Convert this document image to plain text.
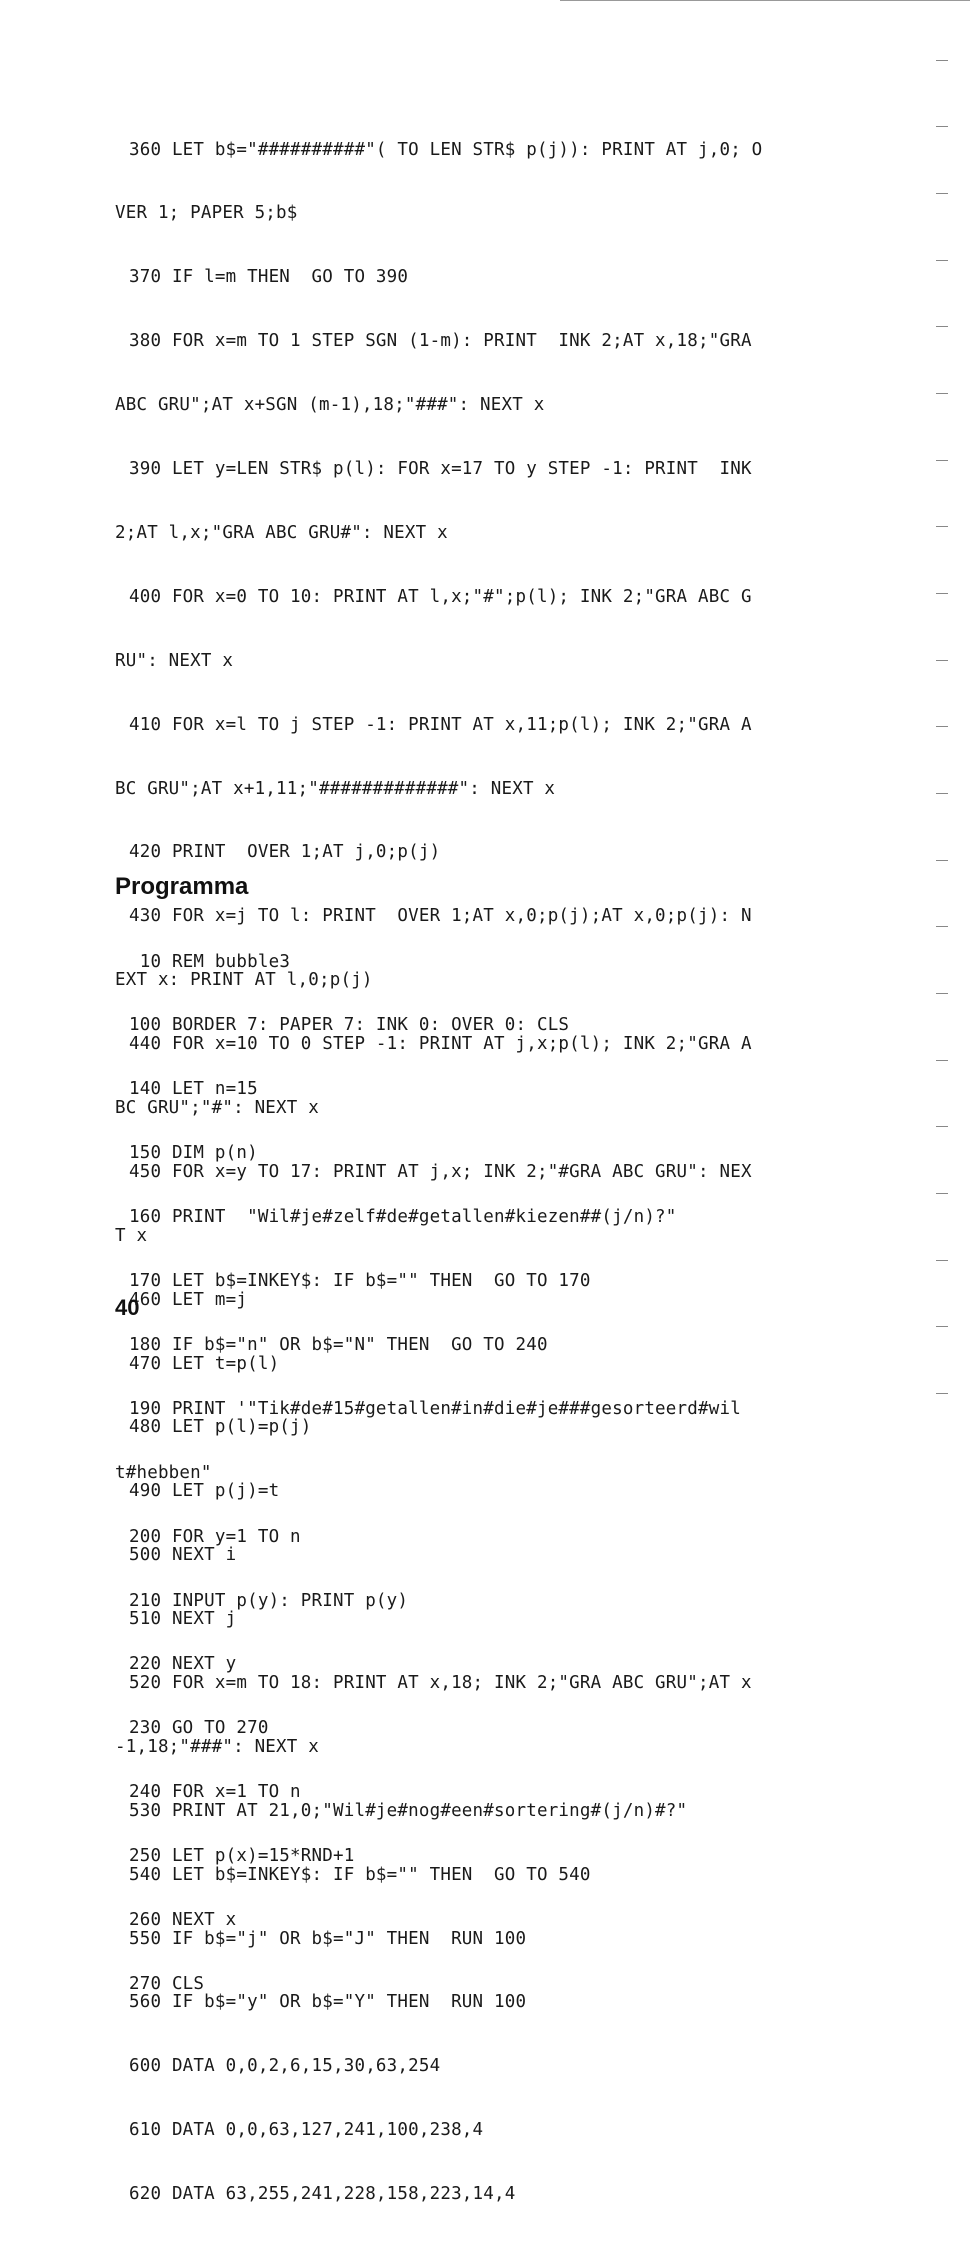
360 LET b$="##########"( TO LEN STR$ p(j)): PRINT AT j,0; O

VER 1; PAPER 5;b$

370 IF l=m THEN  GO TO 390

380 FOR x=m TO 1 STEP SGN (1-m): PRINT  INK 2;AT x,18;"GRA

ABC GRU";AT x+SGN (m-1),18;"###": NEXT x

390 LET y=LEN STR$ p(l): FOR x=17 TO y STEP -1: PRINT  INK

2;AT l,x;"GRA ABC GRU#": NEXT x

400 FOR x=0 TO 10: PRINT AT l,x;"#";p(l); INK 2;"GRA ABC G

RU": NEXT x

410 FOR x=l TO j STEP -1: PRINT AT x,11;p(l); INK 2;"GRA A

BC GRU";AT x+1,11;"#############": NEXT x

420 PRINT  OVER 1;AT j,0;p(j)

430 FOR x=j TO l: PRINT  OVER 1;AT x,0;p(j);AT x,0;p(j): N

EXT x: PRINT AT l,0;p(j)

440 FOR x=10 TO 0 STEP -1: PRINT AT j,x;p(l); INK 2;"GRA A

BC GRU";"#": NEXT x

450 FOR x=y TO 17: PRINT AT j,x; INK 2;"#GRA ABC GRU": NEX

T x

460 LET m=j

470 LET t=p(l)

480 LET p(l)=p(j)

490 LET p(j)=t

500 NEXT i

510 NEXT j

520 FOR x=m TO 18: PRINT AT x,18; INK 2;"GRA ABC GRU";AT x

-1,18;"###": NEXT x

530 PRINT AT 21,0;"Wil#je#nog#een#sortering#(j/n)#?"

540 LET b$=INKEY$: IF b$="" THEN  GO TO 540

550 IF b$="j" OR b$="J" THEN  RUN 100

560 IF b$="y" OR b$="Y" THEN  RUN 100

600 DATA 0,0,2,6,15,30,63,254

610 DATA 0,0,63,127,241,100,238,4

620 DATA 63,255,241,228,158,223,14,4

Programma

10 REM bubble3

100 BORDER 7: PAPER 7: INK 0: OVER 0: CLS

140 LET n=15

150 DIM p(n)

160 PRINT  "Wil#je#zelf#de#getallen#kiezen##(j/n)?"

170 LET b$=INKEY$: IF b$="" THEN  GO TO 170

180 IF b$="n" OR b$="N" THEN  GO TO 240

190 PRINT '"Tik#de#15#getallen#in#die#je###gesorteerd#wil

t#hebben"

200 FOR y=1 TO n

210 INPUT p(y): PRINT p(y)

220 NEXT y

230 GO TO 270

240 FOR x=1 TO n

250 LET p(x)=15*RND+1

260 NEXT x

270 CLS

40
